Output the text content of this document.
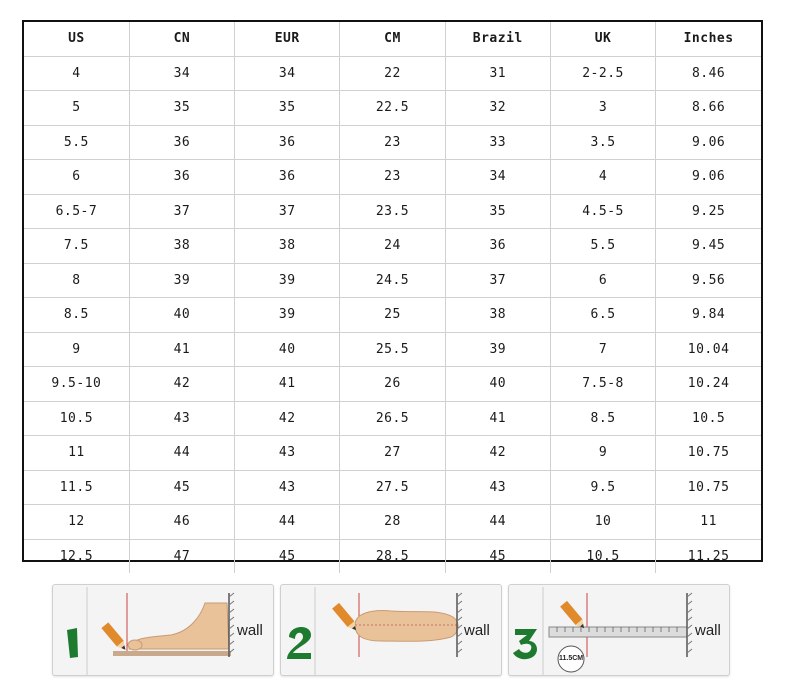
US	CN	EUR	CM	Brazil	UK	Inches
4	34	34	22	31	2-2.5	8.46
5	35	35	22.5	32	3	8.66
5.5	36	36	23	33	3.5	9.06
6	36	36	23	34	4	9.06
6.5-7	37	37	23.5	35	4.5-5	9.25
7.5	38	38	24	36	5.5	9.45
8	39	39	24.5	37	6	9.56
8.5	40	39	25	38	6.5	9.84
9	41	40	25.5	39	7	10.04
9.5-10	42	41	26	40	7.5-8	10.24
10.5	43	42	26.5	41	8.5	10.5
11	44	43	27	42	9	10.75
11.5	45	43	27.5	43	9.5	10.75
12	46	44	28	44	10	11
12.5	47	45	28.5	45	10.5	11.25
wall	wall
11.5CM
wall
